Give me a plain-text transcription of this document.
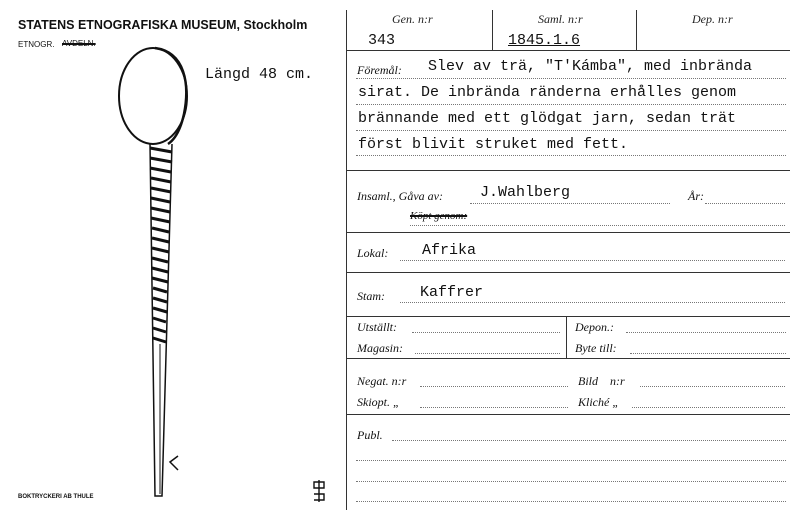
STATENS ETNOGRAFISKA MUSEUM, Stockholm
ETNOGR. AVDELN.
Längd 48 cm.
BOKTRYCKERI AB THULE
Gen. n:r
343
Saml. n:r
1845.1.6
Dep. n:r
Föremål: Slev av trä, "T'Kámba", med inbrända
sirat. De inbrända ränderna erhålles genom
brännande med ett glödgat jarn, sedan trät
först blivit struket med fett.
Insaml., Gåva av: J.Wahlberg	År:
Köpt genom:
Lokal: Afrika
Stam: Kaffrer
Utställt:	Depon.:
Magasin:	Byte till:
Negat. n:r	Bild    n:r
Skiopt. „	Kliché „
Publ.
